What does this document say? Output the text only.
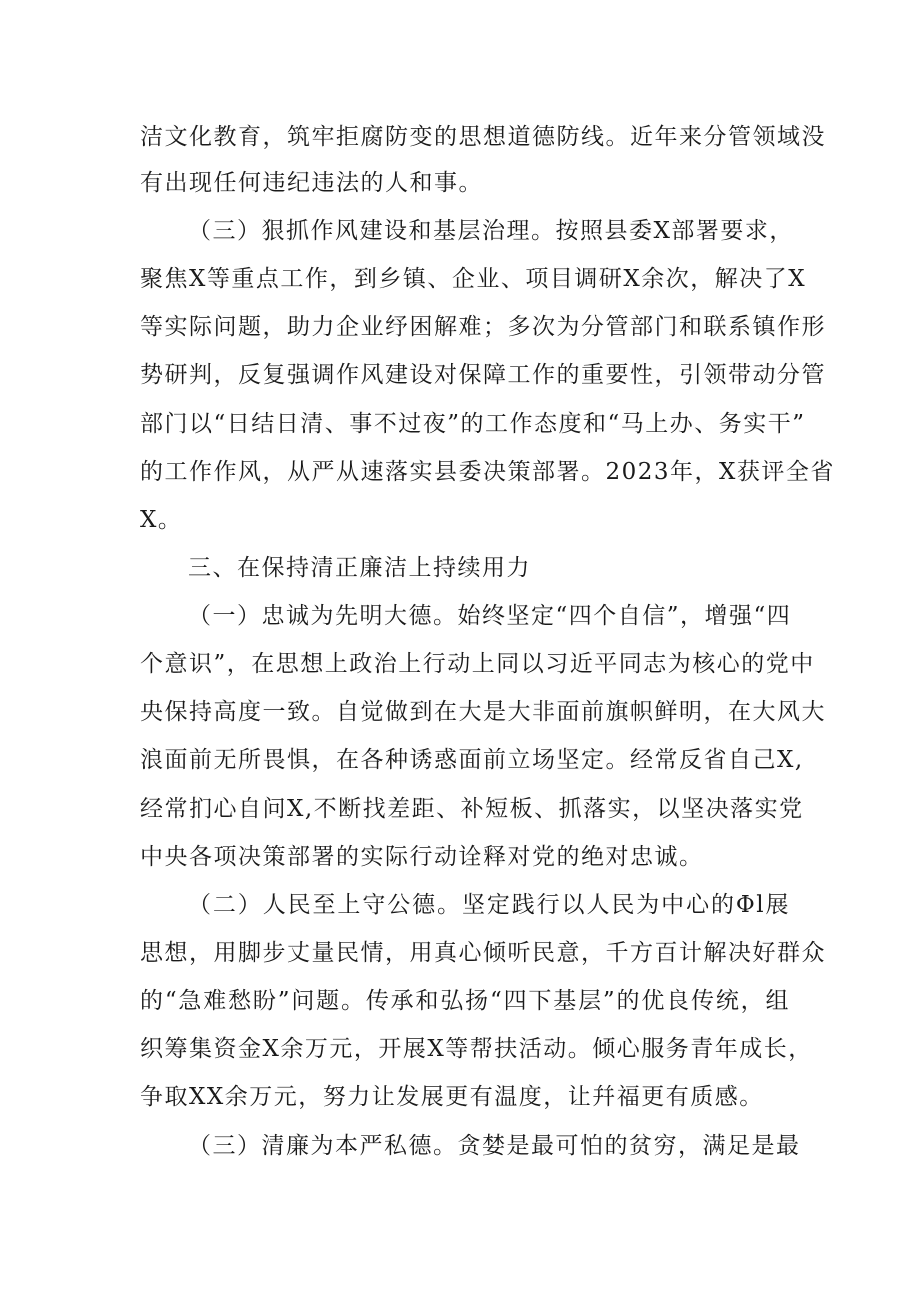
洁文化教育，筑牢拒腐防变的思想道德防线。近年来分管领域没
有出现任何违纪违法的人和事。
（三）狠抓作风建设和基层治理。按照县委X部署要求，
聚焦X等重点工作，到乡镇、企业、项目调研X余次，解决了X
等实际问题，助力企业纾困解难；多次为分管部门和联系镇作形
势研判，反复强调作风建设对保障工作的重要性，引领带动分管
部门以“日结日清、事不过夜”的工作态度和“马上办、务实干”
的工作作风，从严从速落实县委决策部署。2023年，X获评全省
X。
三、在保持清正廉洁上持续用力
（一）忠诚为先明大德。始终坚定“四个自信”，增强“四
个意识”，在思想上政治上行动上同以习近平同志为核心的党中
央保持高度一致。自觉做到在大是大非面前旗帜鲜明，在大风大
浪面前无所畏惧，在各种诱惑面前立场坚定。经常反省自己X,
经常扪心自问X,不断找差距、补短板、抓落实，以坚决落实党
中央各项决策部署的实际行动诠释对党的绝对忠诚。
（二）人民至上守公德。坚定践行以人民为中心的Φl展
思想，用脚步丈量民情，用真心倾听民意，千方百计解决好群众
的“急难愁盼”问题。传承和弘扬“四下基层”的优良传统，组
织筹集资金X余万元，开展X等帮扶活动。倾心服务青年成长，
争取XX余万元，努力让发展更有温度，让幷福更有质感。
（三）清廉为本严私德。贪婪是最可怕的贫穷，满足是最
